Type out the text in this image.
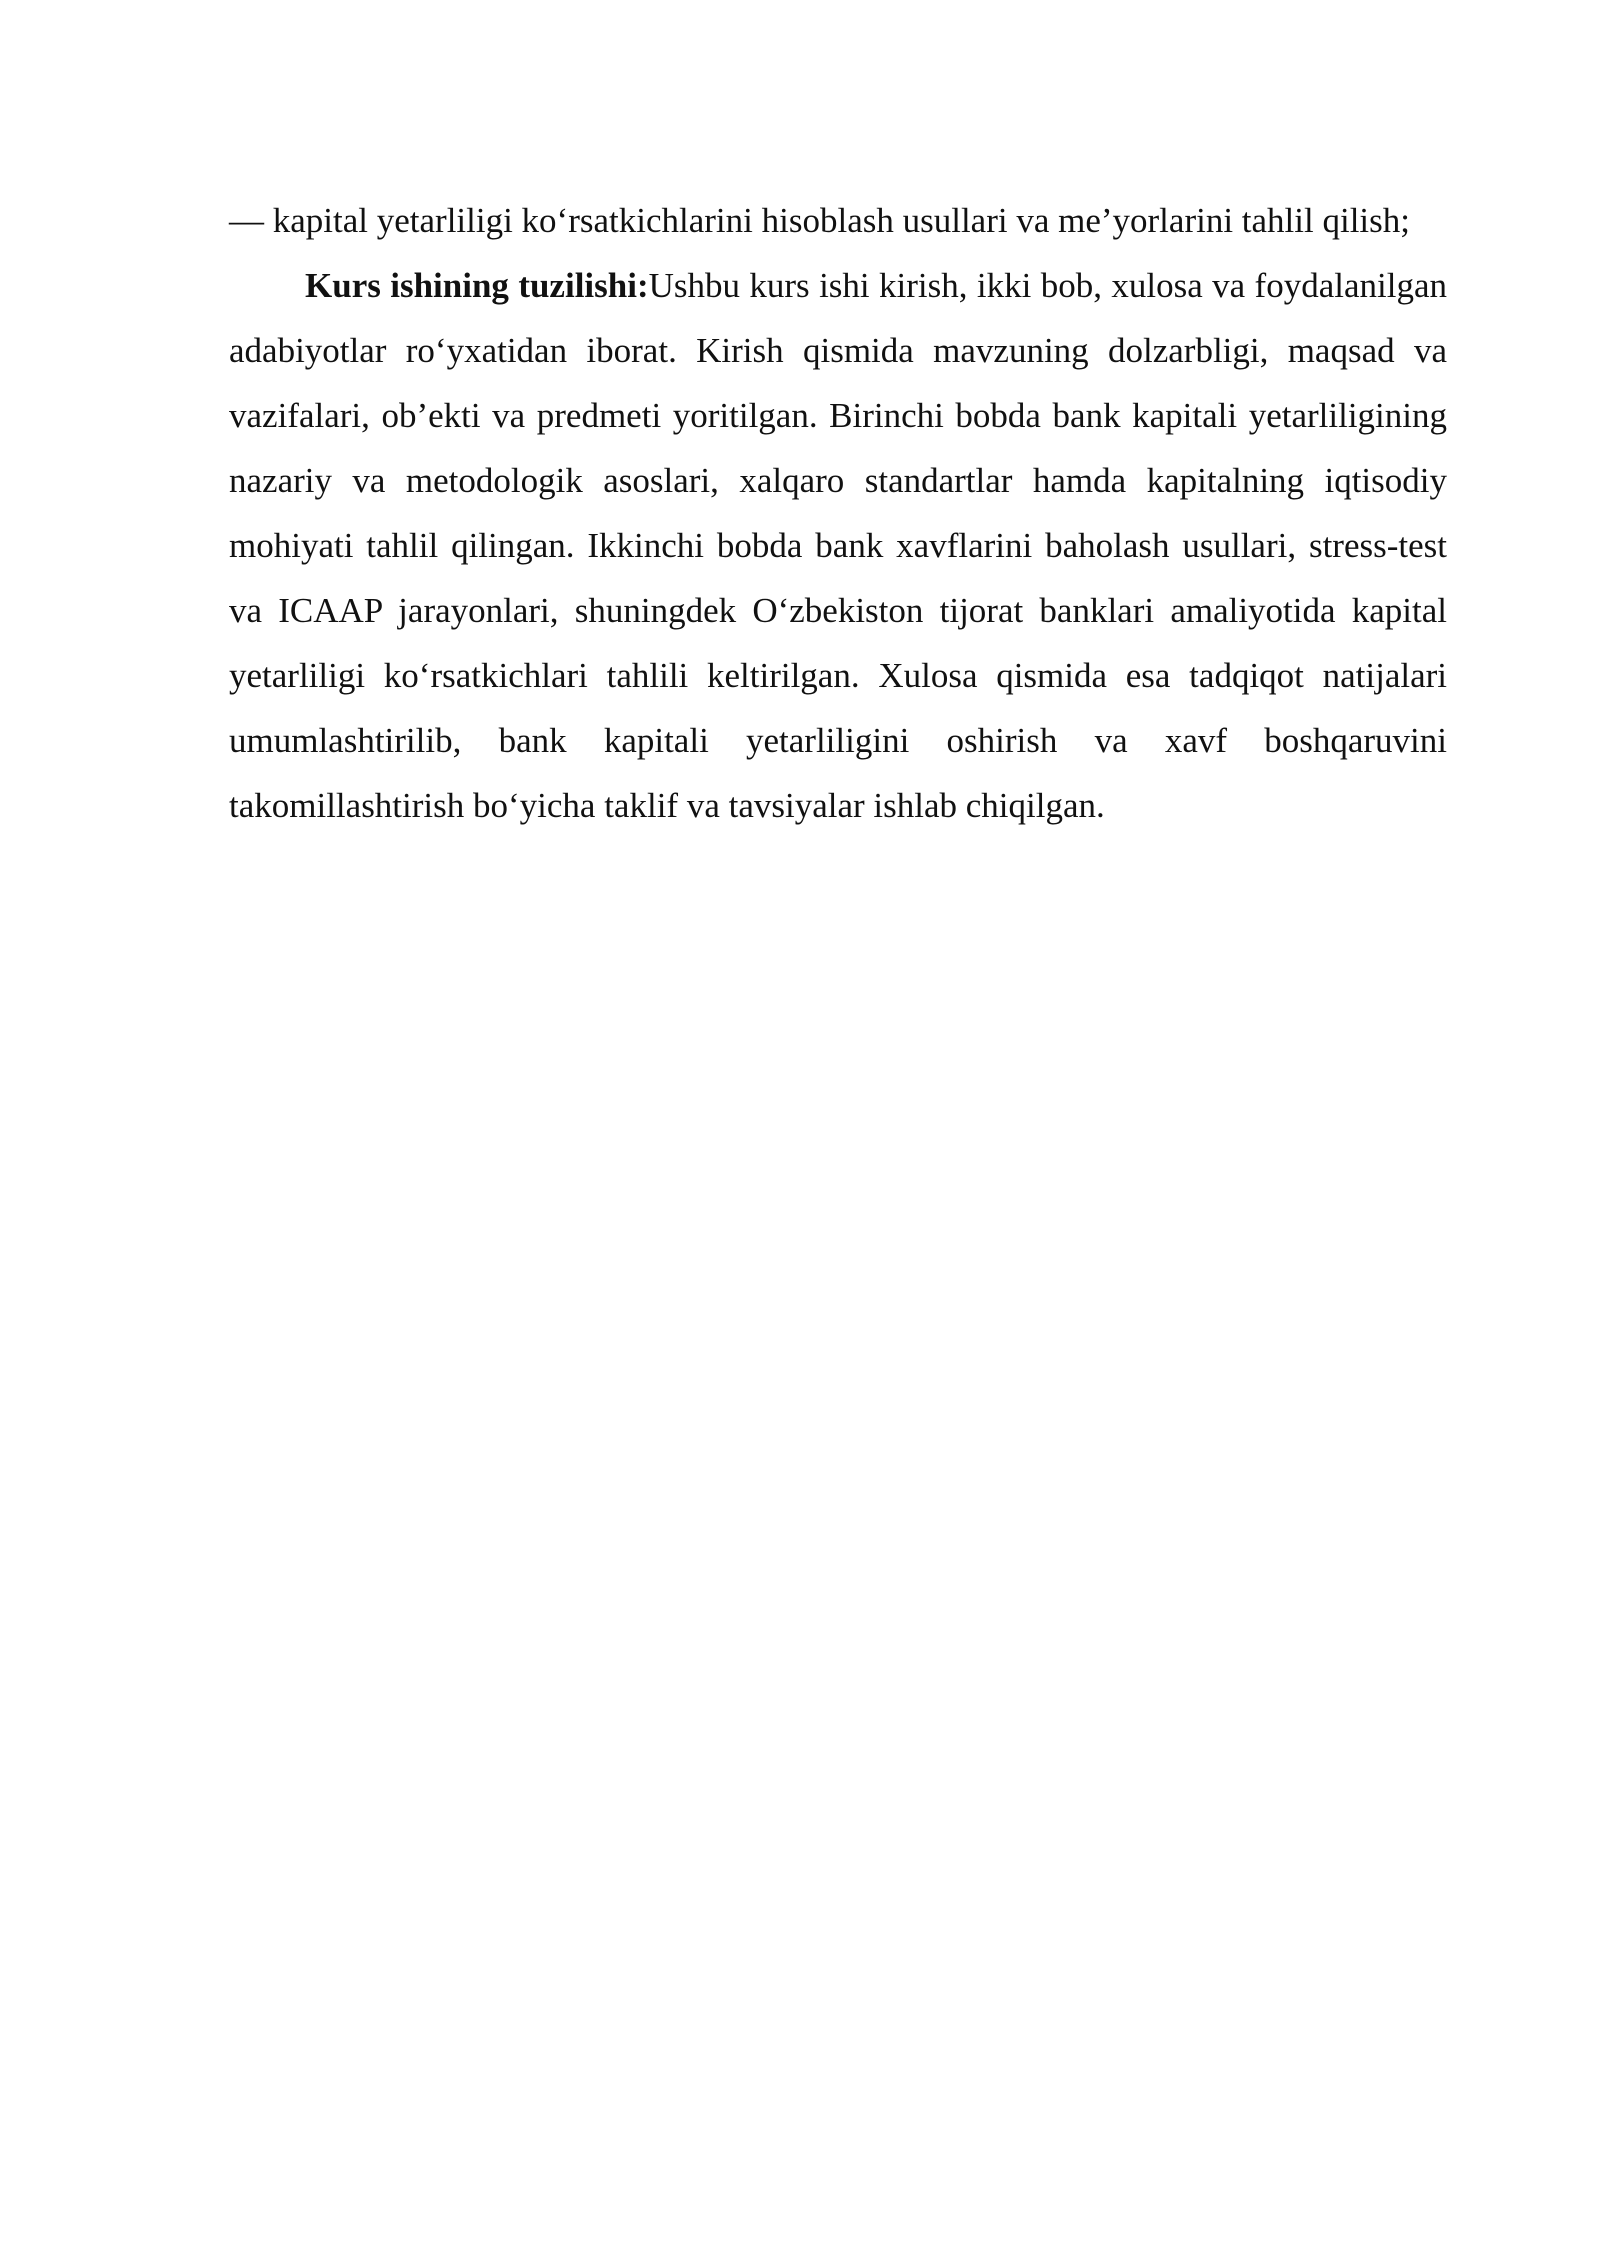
— kapital yetarliligi ko‘rsatkichlarini hisoblash usullari va me’yorlarini tahlil qilish;

Kurs ishining tuzilishi:Ushbu kurs ishi kirish, ikki bob, xulosa va foydalanilgan adabiyotlar ro‘yxatidan iborat. Kirish qismida mavzuning dolzarbligi, maqsad va vazifalari, ob’ekti va predmeti yoritilgan. Birinchi bobda bank kapitali yetarliligining nazariy va metodologik asoslari, xalqaro standartlar hamda kapitalning iqtisodiy mohiyati tahlil qilingan. Ikkinchi bobda bank xavflarini baholash usullari, stress-test va ICAAP jarayonlari, shuningdek O‘zbekiston tijorat banklari amaliyotida kapital yetarliligi ko‘rsatkichlari tahlili keltirilgan. Xulosa qismida esa tadqiqot natijalari umumlashtirilib, bank kapitali yetarliligini oshirish va xavf boshqaruvini takomillashtirish bo‘yicha taklif va tavsiyalar ishlab chiqilgan.
